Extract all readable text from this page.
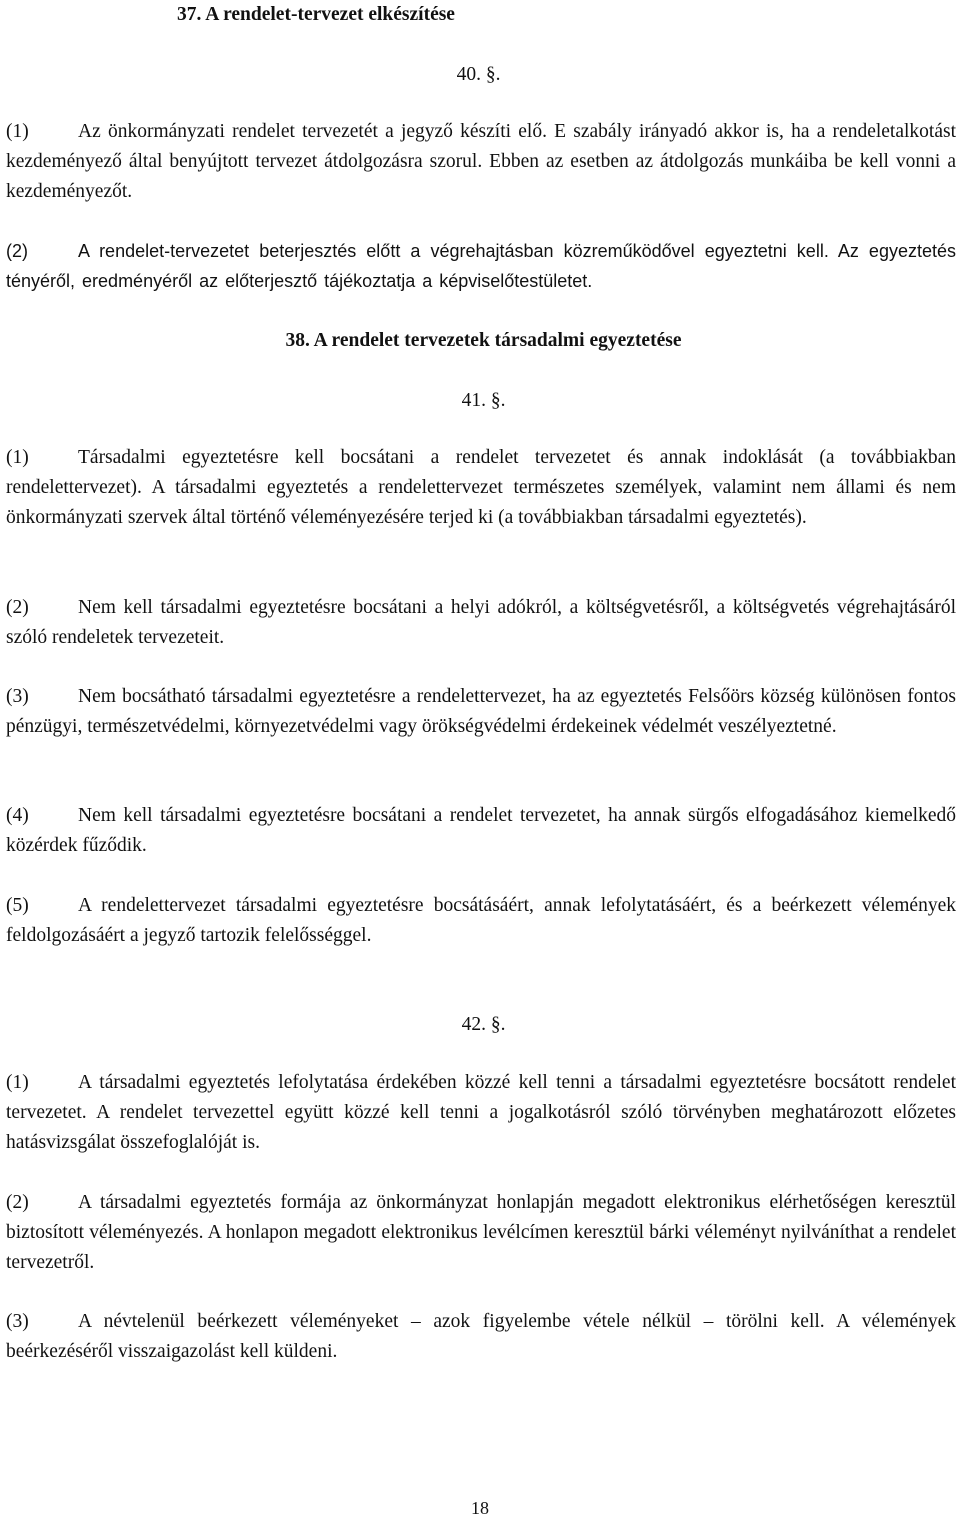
37. A rendelet-tervezet elkészítése

40. §.

(1)	Az önkormányzati rendelet tervezetét a jegyző készíti elő. E szabály irányadó akkor is, ha a rendeletalkotást kezdeményező által benyújtott tervezet átdolgozásra szorul. Ebben az esetben az átdolgozás munkáiba be kell vonni a kezdeményezőt.

(2)	A rendelet-tervezetet beterjesztés előtt a végrehajtásban közreműködővel egyeztetni kell. Az egyeztetés tényéről, eredményéről az előterjesztő tájékoztatja a képviselőtestületet.

38. A rendelet tervezetek társadalmi egyeztetése

41. §.

(1)	Társadalmi egyeztetésre kell bocsátani a rendelet tervezetet és annak indoklását (a továbbiakban rendelettervezet). A társadalmi egyeztetés a rendelettervezet természetes személyek, valamint nem állami és nem önkormányzati szervek által történő véleményezésére terjed ki (a továbbiakban társadalmi egyeztetés).

(2)	Nem kell társadalmi egyeztetésre bocsátani a helyi adókról, a költségvetésről, a költségvetés végrehajtásáról szóló rendeletek tervezeteit.

(3)	Nem bocsátható társadalmi egyeztetésre a rendelettervezet, ha az egyeztetés Felsőörs község különösen fontos pénzügyi, természetvédelmi, környezetvédelmi vagy örökségvédelmi érdekeinek védelmét veszélyeztetné.

(4)	Nem kell társadalmi egyeztetésre bocsátani a rendelet tervezetet, ha annak sürgős elfogadásához kiemelkedő közérdek fűződik.

(5)	A rendelettervezet társadalmi egyeztetésre bocsátásáért, annak lefolytatásáért, és a beérkezett vélemények feldolgozásáért a jegyző tartozik felelősséggel.

42. §.

(1)	A társadalmi egyeztetés lefolytatása érdekében közzé kell tenni a társadalmi egyeztetésre bocsátott rendelet tervezetet. A rendelet tervezettel együtt közzé kell tenni a jogalkotásról szóló törvényben meghatározott előzetes hatásvizsgálat összefoglalóját is.

(2)	A társadalmi egyeztetés formája az önkormányzat honlapján megadott elektronikus elérhetőségen keresztül biztosított véleményezés. A honlapon megadott elektronikus levélcímen keresztül bárki véleményt nyilváníthat a rendelet tervezetről.

(3)	A névtelenül beérkezett véleményeket – azok figyelembe vétele nélkül – törölni kell. A vélemények beérkezéséről visszaigazolást kell küldeni.

18
